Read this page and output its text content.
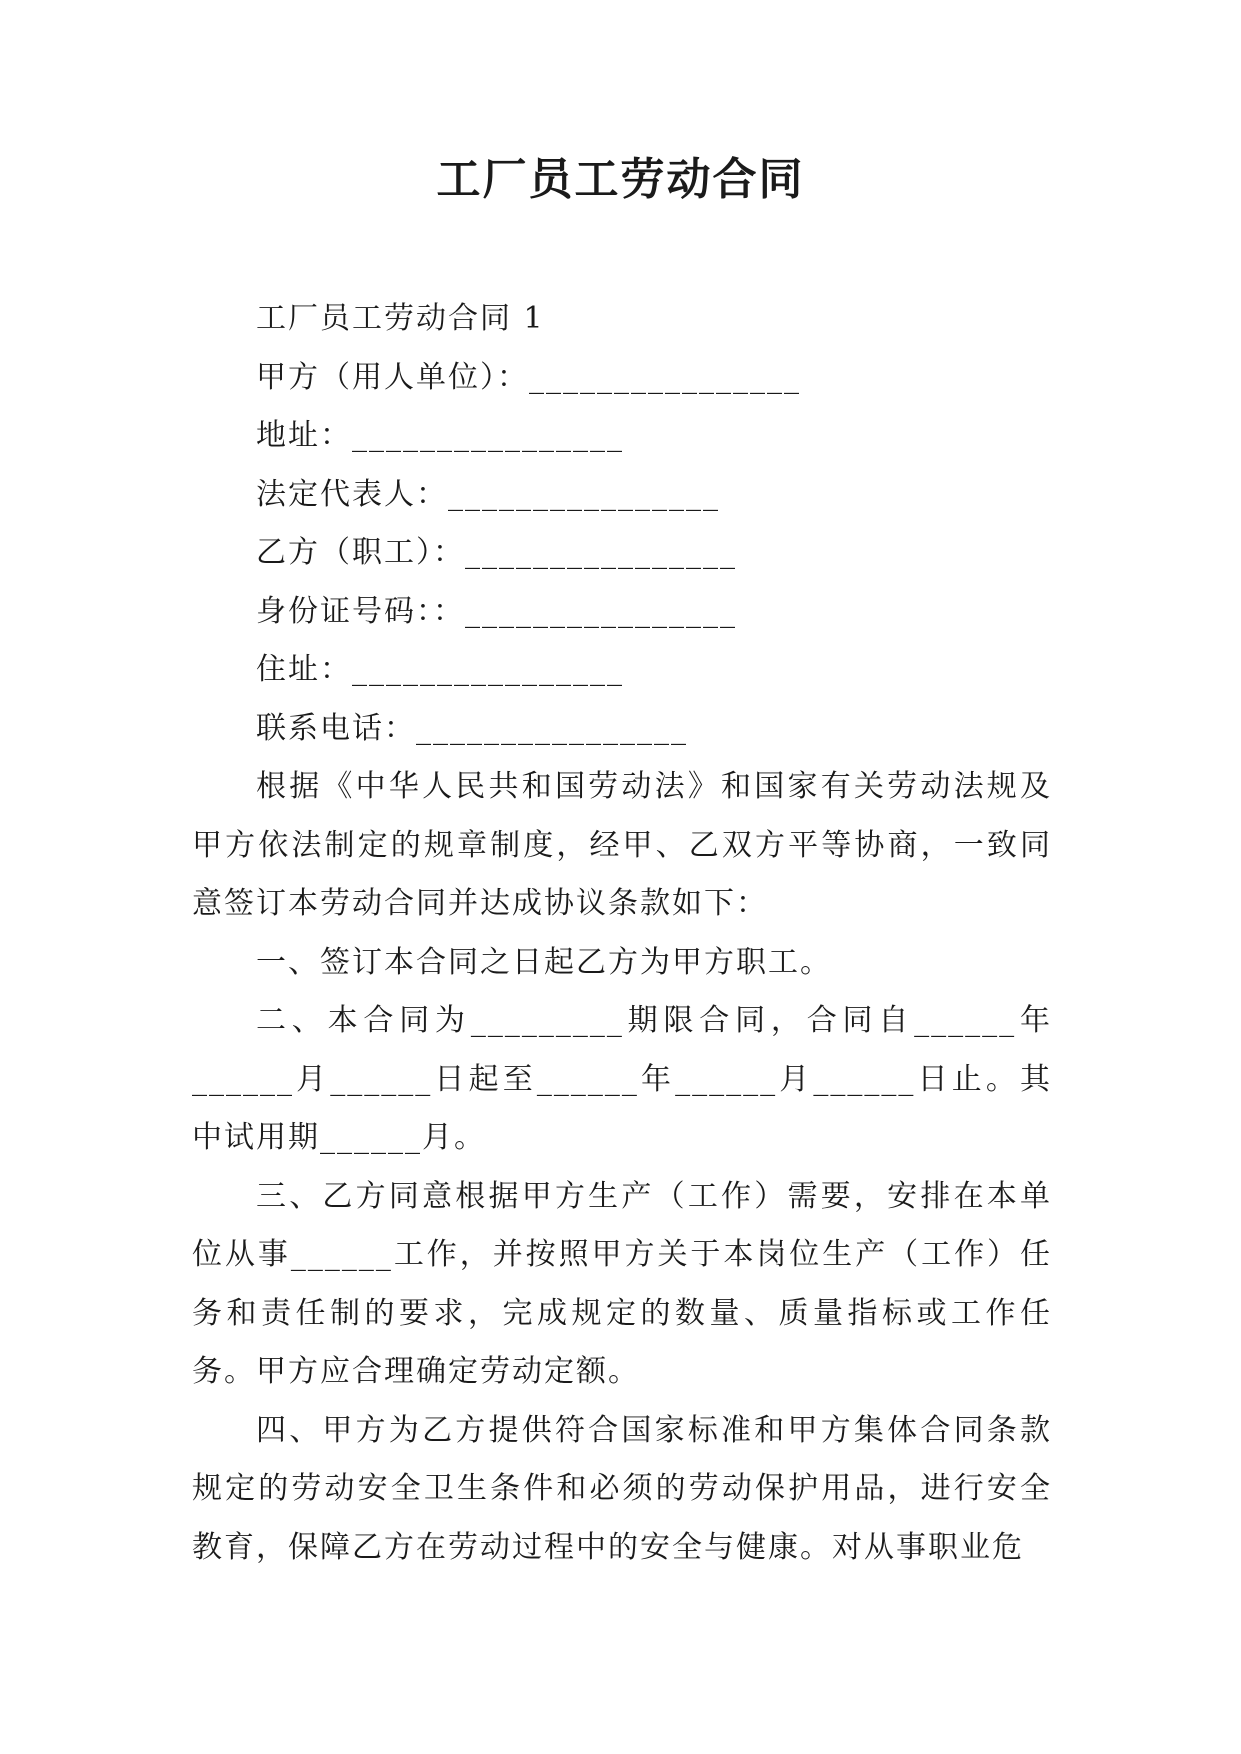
工厂员工劳动合同

工厂员工劳动合同 1

甲方（用人单位）：________________

地址：________________

法定代表人：________________

乙方（职工）：________________

身份证号码：：________________

住址：________________

联系电话：________________

根据《中华人民共和国劳动法》和国家有关劳动法规及甲方依法制定的规章制度，经甲、乙双方平等协商，一致同意签订本劳动合同并达成协议条款如下：

一、签订本合同之日起乙方为甲方职工。

二、本合同为_________期限合同，合同自______年______月______日起至______年______月______日止。其中试用期______月。

三、乙方同意根据甲方生产（工作）需要，安排在本单位从事______工作，并按照甲方关于本岗位生产（工作）任务和责任制的要求，完成规定的数量、质量指标或工作任务。甲方应合理确定劳动定额。

四、甲方为乙方提供符合国家标准和甲方集体合同条款规定的劳动安全卫生条件和必须的劳动保护用品，进行安全教育，保障乙方在劳动过程中的安全与健康。对从事职业危
